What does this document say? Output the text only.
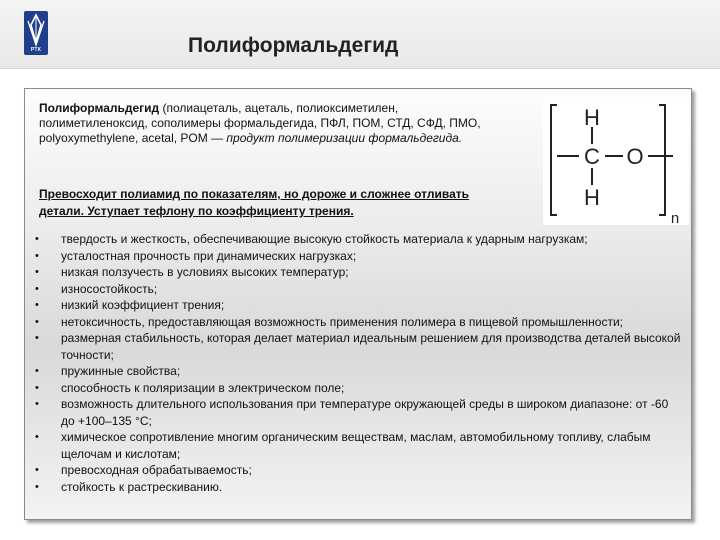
РТК	Полиформальдегид
Полиформальдегид (полиацеталь, ацеталь, полиоксиметилен, полиметиленоксид, сополимеры формальдегида, ПФЛ, ПОМ, СТД, СФД, ПМО, polyoxymethylene, acetal, POM — продукт полимеризации формальдегида.
Превосходит полиамид по показателям, но дороже и сложнее отливать детали. Уступает тефлону по коэффициенту трения.
H
C O
H
n
• твердость и жесткость, обеспечивающие высокую стойкость материала к ударным нагрузкам;
• усталостная прочность при динамических нагрузках;
• низкая ползучесть в условиях высоких температур;
• износостойкость;
• низкий коэффициент трения;
• нетоксичность, предоставляющая возможность применения полимера в пищевой промышленности;
• размерная стабильность, которая делает материал идеальным решением для производства деталей высокой точности;
• пружинные свойства;
• способность к поляризации в электрическом поле;
• возможность длительного использования при температуре окружающей среды в широком диапазоне: от -60 до +100–135 °C;
• химическое сопротивление многим органическим веществам, маслам, автомобильному топливу, слабым щелочам и кислотам;
• превосходная обрабатываемость;
• стойкость к растрескиванию.
